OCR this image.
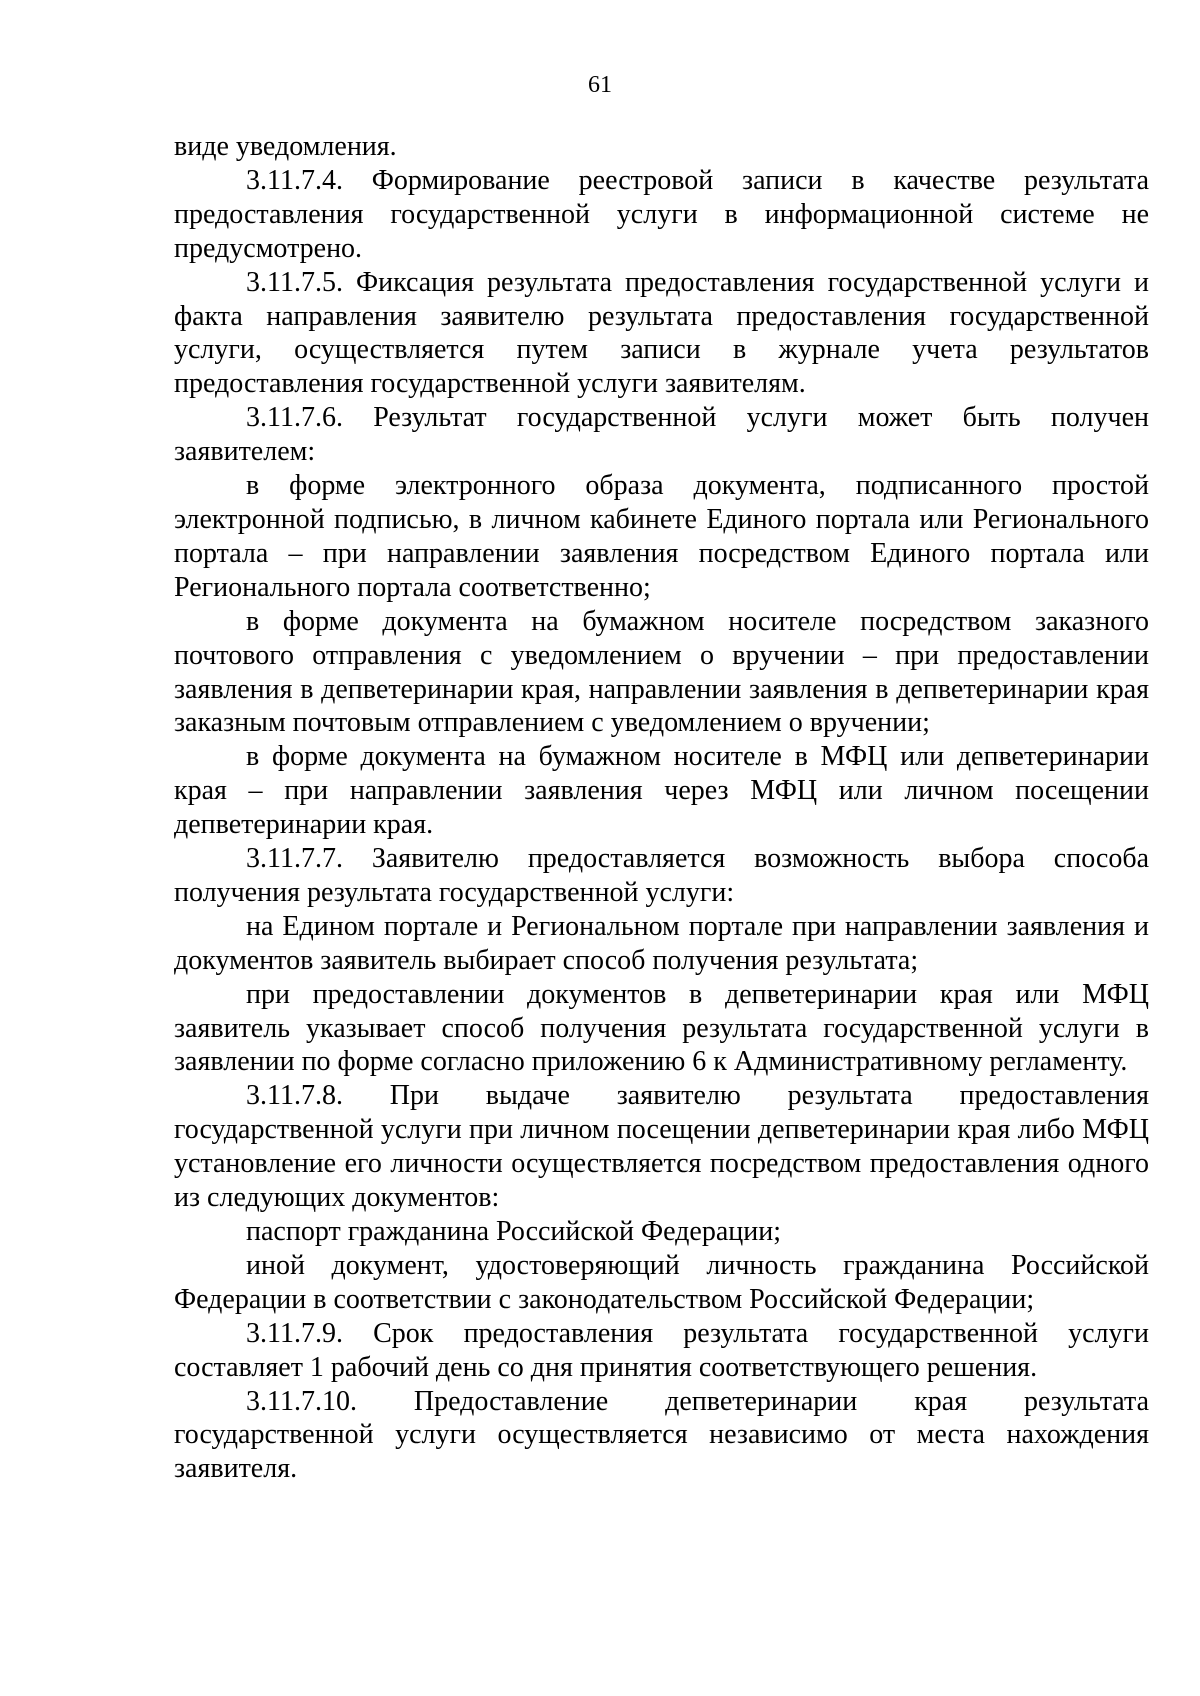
61

виде уведомления.

3.11.7.4. Формирование реестровой записи в качестве результата предоставления государственной услуги в информационной системе не предусмотрено.

3.11.7.5. Фиксация результата предоставления государственной услуги и факта направления заявителю результата предоставления государственной услуги, осуществляется путем записи в журнале учета результатов предоставления государственной услуги заявителям.

3.11.7.6. Результат государственной услуги может быть получен заявителем:

в форме электронного образа документа, подписанного простой электронной подписью, в личном кабинете Единого портала или Регионального портала – при направлении заявления посредством Единого портала или Регионального портала соответственно;

в форме документа на бумажном носителе посредством заказного почтового отправления с уведомлением о вручении – при предоставлении заявления в депветеринарии края, направлении заявления в депветеринарии края заказным почтовым отправлением с уведомлением о вручении;

в форме документа на бумажном носителе в МФЦ или депветеринарии края – при направлении заявления через МФЦ или личном посещении депветеринарии края.

3.11.7.7. Заявителю предоставляется возможность выбора способа получения результата государственной услуги:

на Едином портале и Региональном портале при направлении заявления и документов заявитель выбирает способ получения результата;

при предоставлении документов в депветеринарии края или МФЦ заявитель указывает способ получения результата государственной услуги в заявлении по форме согласно приложению 6 к Административному регламенту.

3.11.7.8. При выдаче заявителю результата предоставления государственной услуги при личном посещении депветеринарии края либо МФЦ установление его личности осуществляется посредством предоставления одного из следующих документов:

паспорт гражданина Российской Федерации;

иной документ, удостоверяющий личность гражданина Российской Федерации в соответствии с законодательством Российской Федерации;

3.11.7.9. Срок предоставления результата государственной услуги составляет 1 рабочий день со дня принятия соответствующего решения.

3.11.7.10. Предоставление депветеринарии края результата государственной услуги осуществляется независимо от места нахождения заявителя.
